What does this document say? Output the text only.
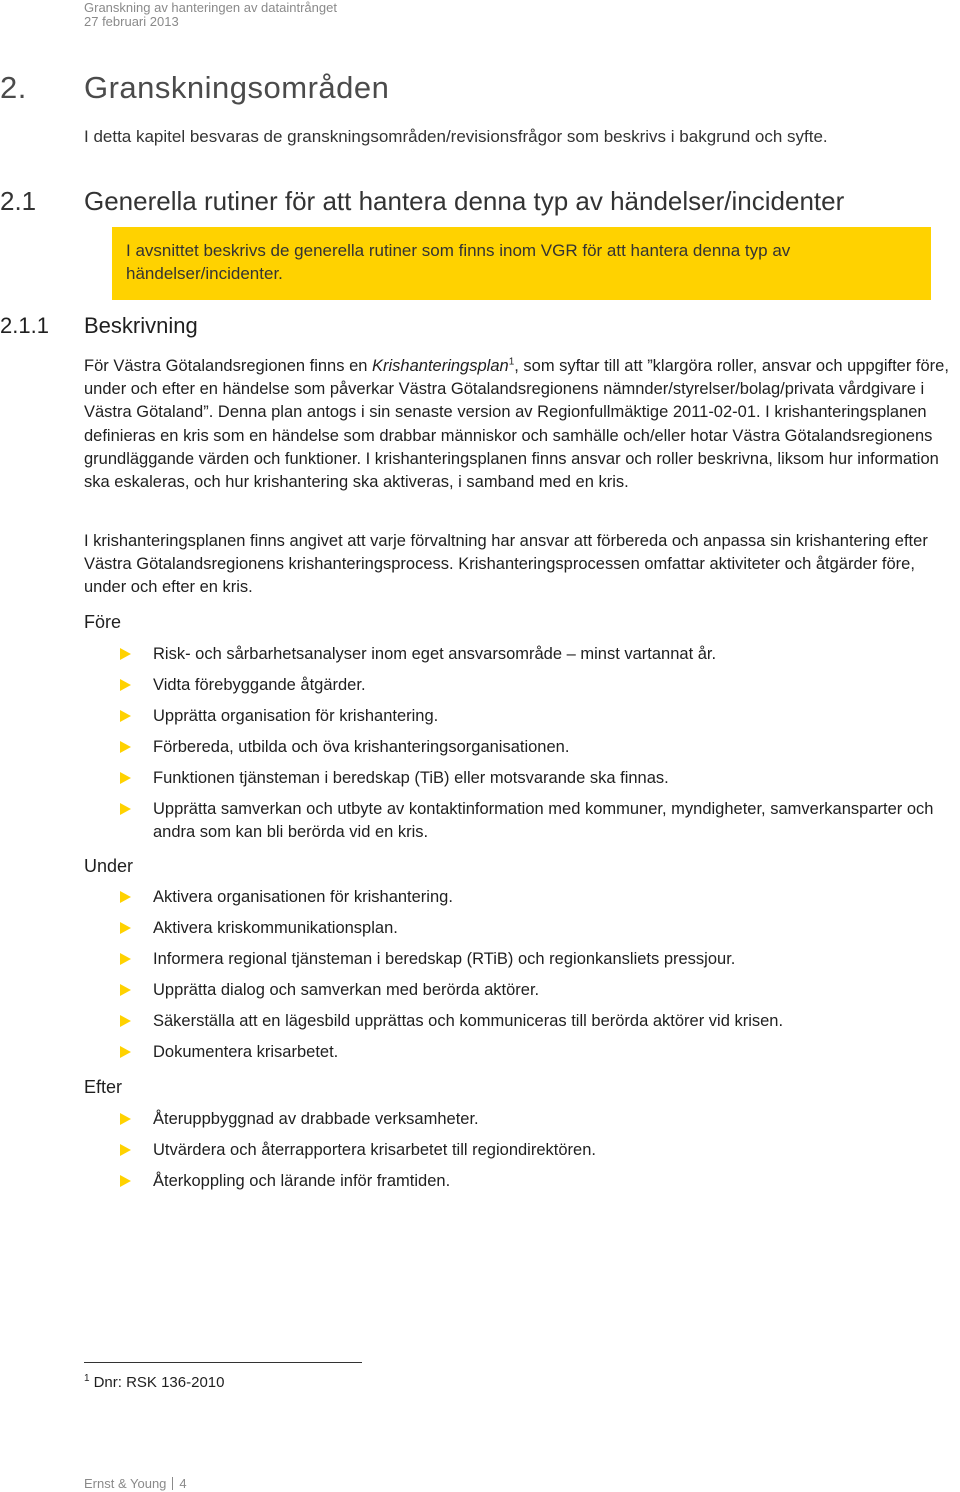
Granskning av hanteringen av dataintrånget
27 februari 2013
2. Granskningsområden
I detta kapitel besvaras de granskningsområden/revisionsfrågor som beskrivs i bakgrund och syfte.
2.1 Generella rutiner för att hantera denna typ av händelser/incidenter
I avsnittet beskrivs de generella rutiner som finns inom VGR för att hantera denna typ av händelser/incidenter.
2.1.1 Beskrivning

För Västra Götalandsregionen finns en Krishanteringsplan$^1$, som syftar till att ”klargöra roller, ansvar och uppgifter före, under och efter en händelse som påverkar Västra Götalandsregionens nämnder/styrelser/bolag/privata vårdgivare i Västra Götaland”. Denna plan antogs i sin senaste version av Regionfullmäktige 2011-02-01. I krishanteringsplanen definieras en kris som en händelse som drabbar människor och samhälle och/eller hotar Västra Götalandsregionens grundläggande värden och funktioner. I krishanteringsplanen finns ansvar och roller beskrivna, liksom hur information ska eskaleras, och hur krishantering ska aktiveras, i samband med en kris.

I krishanteringsplanen finns angivet att varje förvaltning har ansvar att förbereda och anpassa sin krishantering efter Västra Götalandsregionens krishanteringsprocess. Krishanteringsprocessen omfattar aktiviteter och åtgärder före, under och efter en kris.
Före
Risk- och sårbarhetsanalyser inom eget ansvarsområde – minst vartannat år.
Vidta förebyggande åtgärder.
Upprätta organisation för krishantering.
Förbereda, utbilda och öva krishanteringsorganisationen.
Funktionen tjänsteman i beredskap (TiB) eller motsvarande ska finnas.
Upprätta samverkan och utbyte av kontaktinformation med kommuner, myndigheter, samverkansparter och andra som kan bli berörda vid en kris.
Under
Aktivera organisationen för krishantering.
Aktivera kriskommunikationsplan.
Informera regional tjänsteman i beredskap (RTiB) och regionkansliets pressjour.
Upprätta dialog och samverkan med berörda aktörer.
Säkerställa att en lägesbild upprättas och kommuniceras till berörda aktörer vid krisen.
Dokumentera krisarbetet.
Efter
Återuppbyggnad av drabbade verksamheter.
Utvärdera och återrapportera krisarbetet till regiondirektören.
Återkoppling och lärande inför framtiden.
$^1$ Dnr: RSK 136-2010
Ernst & Young 4
